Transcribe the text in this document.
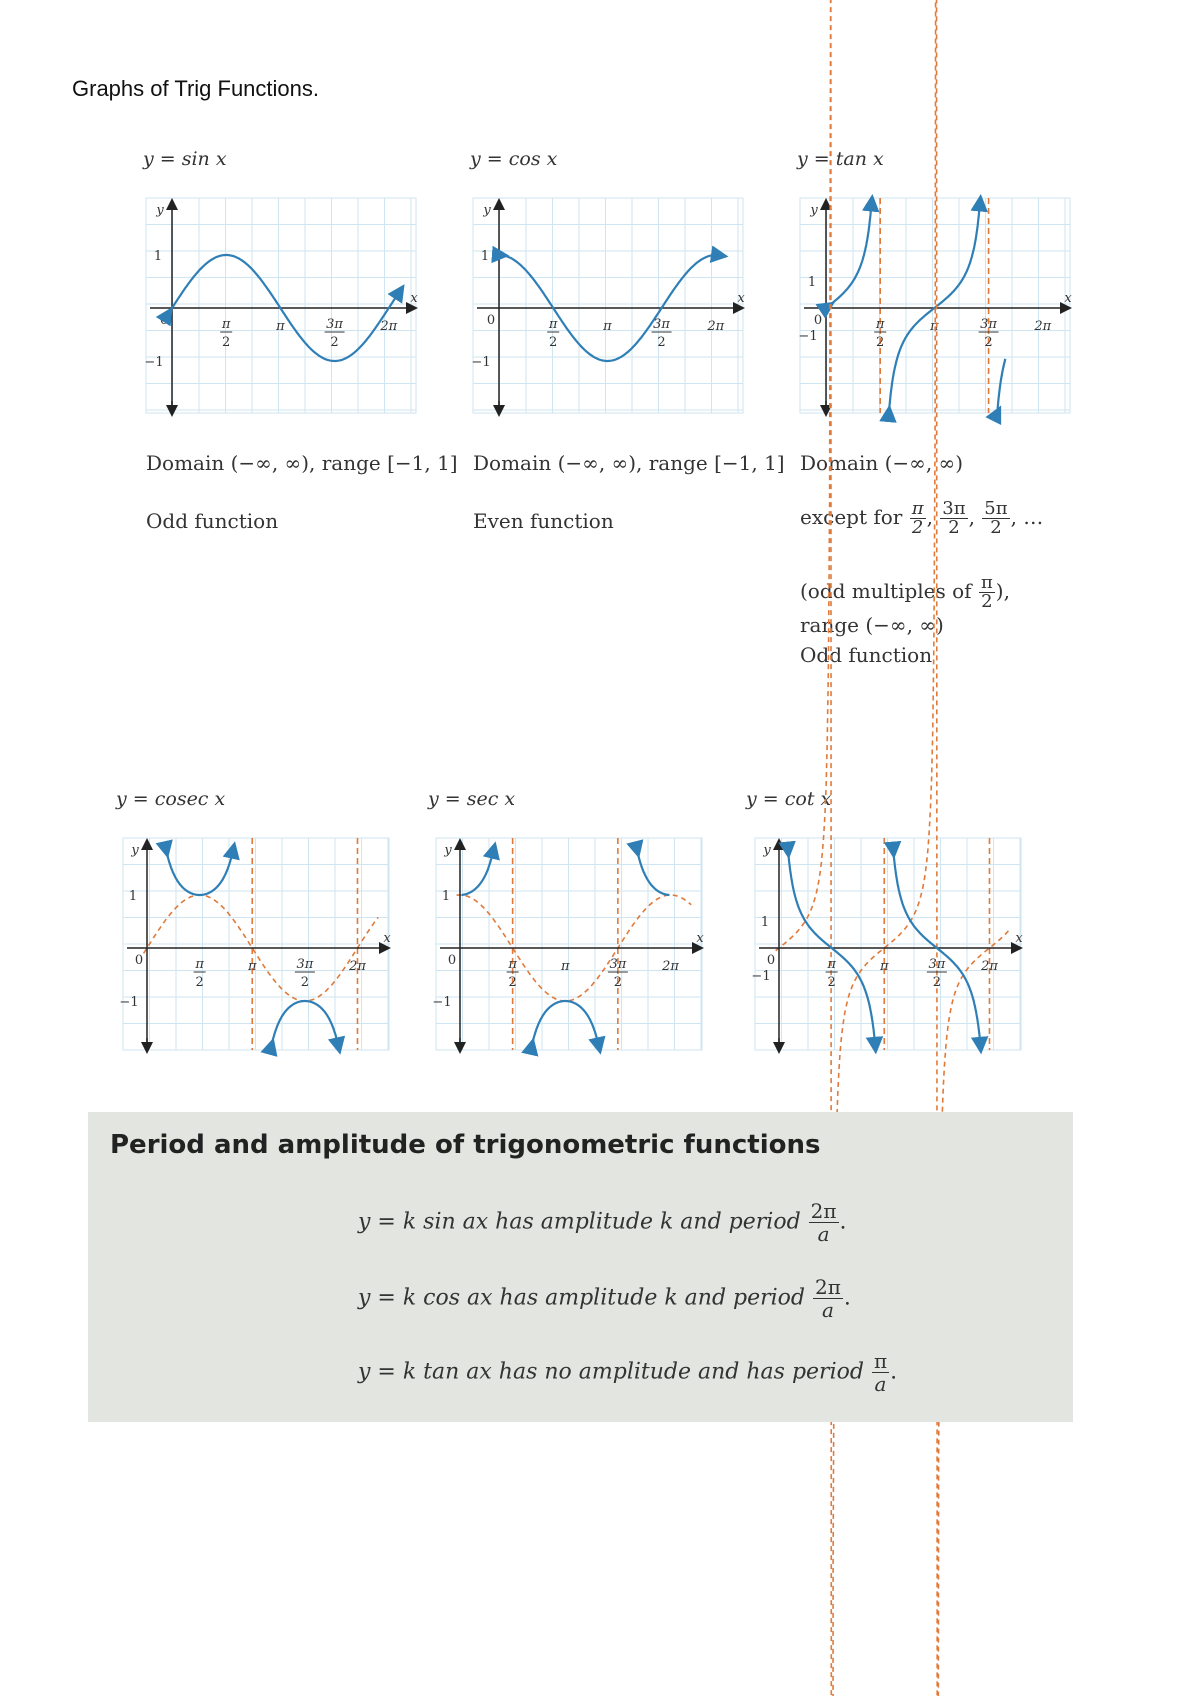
Graphs of Trig Functions.
y = sin x	y = cos x	y = tan x
y
x
1
0
−1
π
2
π	3π
2
2π
y
x
1
0
−1
π
2
π	3π
2
2π
y
x
1
0
−1
π
2
π	3π
2
2π
Domain (−∞, ∞), range [−1, 1]
Odd function
Domain (−∞, ∞), range [−1, 1]
Even function
Domain (−∞, ∞)
except for $\frac{\pi}{2}$ , $\frac{3\pi}{2}$ , $\frac{5\pi}{2}$ , …
(odd multiples of $\frac{\pi}{2}$ ),
range (−∞, ∞)
Odd function
y = cosec x	y = sec x	y = cot x
y
x
1
0
−1
π
2
π	3π
2
2π
y
x
1
0
−1
π
2
π	3π
2
2π
y
x
1
0
−1
π
2
π	3π
2
2π
Period and amplitude of trigonometric functions
y = k sin ax has amplitude k and period $\frac{2\pi}{a}$ .
y = k cos ax has amplitude k and period $\frac{2\pi}{a}$ .
y = k tan ax has no amplitude and has period $\frac{\pi}{a}$ .
